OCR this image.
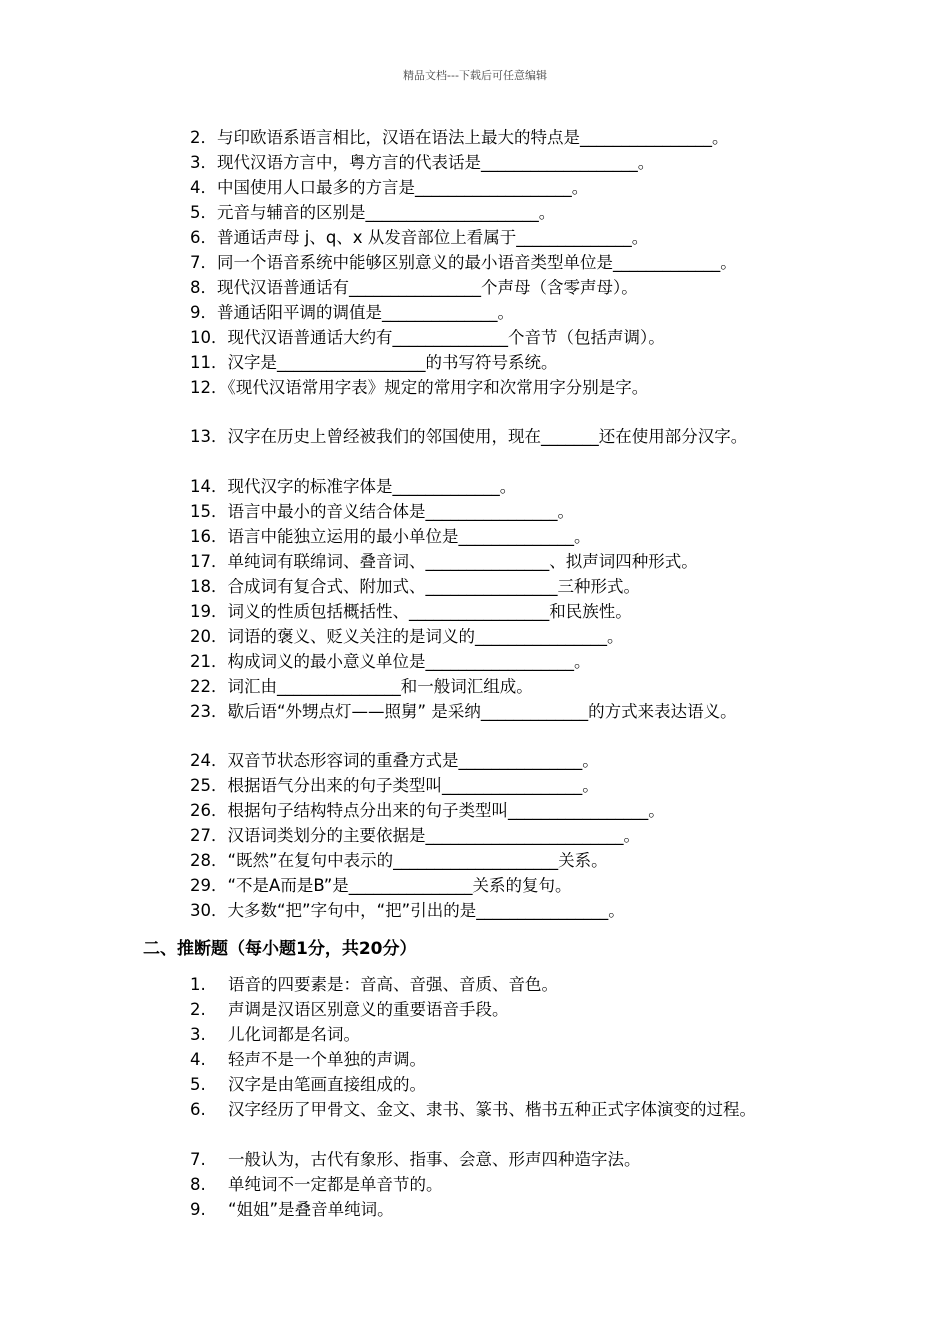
精品文档---下载后可任意编辑
2．与印欧语系语言相比，汉语在语法上最大的特点是________________。
3．现代汉语方言中，粤方言的代表话是___________________。
4．中国使用人口最多的方言是___________________。
5．元音与辅音的区别是_____________________。
6．普通话声母 j、q、x 从发音部位上看属于______________。
7．同一个语音系统中能够区别意义的最小语音类型单位是_____________。
8．现代汉语普通话有________________个声母（含零声母）。
9．普通话阳平调的调值是______________。
10．现代汉语普通话大约有______________个音节（包括声调）。
11．汉字是__________________的书写符号系统。
12．《现代汉语常用字表》规定的常用字和次常用字分别是字。
13．汉字在历史上曾经被我们的邻国使用，现在_______还在使用部分汉字。
14．现代汉字的标准字体是_____________。
15．语言中最小的音义结合体是________________。
16．语言中能独立运用的最小单位是______________。
17．单纯词有联绵词、叠音词、_______________、拟声词四种形式。
18．合成词有复合式、附加式、________________三种形式。
19．词义的性质包括概括性、_________________和民族性。
20．词语的褒义、贬义关注的是词义的________________。
21．构成词义的最小意义单位是__________________。
22．词汇由_______________和一般词汇组成。
23．歇后语“外甥点灯——照舅” 是采纳_____________的方式来表达语义。
24．双音节状态形容词的重叠方式是_______________。
25．根据语气分出来的句子类型叫_________________。
26．根据句子结构特点分出来的句子类型叫_________________。
27．汉语词类划分的主要依据是________________________。
28．“既然”在复句中表示的____________________关系。
29．“不是A而是B”是_______________关系的复句。
30．大多数“把”字句中，“把”引出的是________________。
二、推断题（每小题1分，共20分）
1. 语音的四要素是：音高、音强、音质、音色。
2. 声调是汉语区别意义的重要语音手段。
3. 儿化词都是名词。
4. 轻声不是一个单独的声调。
5. 汉字是由笔画直接组成的。
6. 汉字经历了甲骨文、金文、隶书、篆书、楷书五种正式字体演变的过程。
7. 一般认为，古代有象形、指事、会意、形声四种造字法。
8. 单纯词不一定都是单音节的。
9. “姐姐”是叠音单纯词。
